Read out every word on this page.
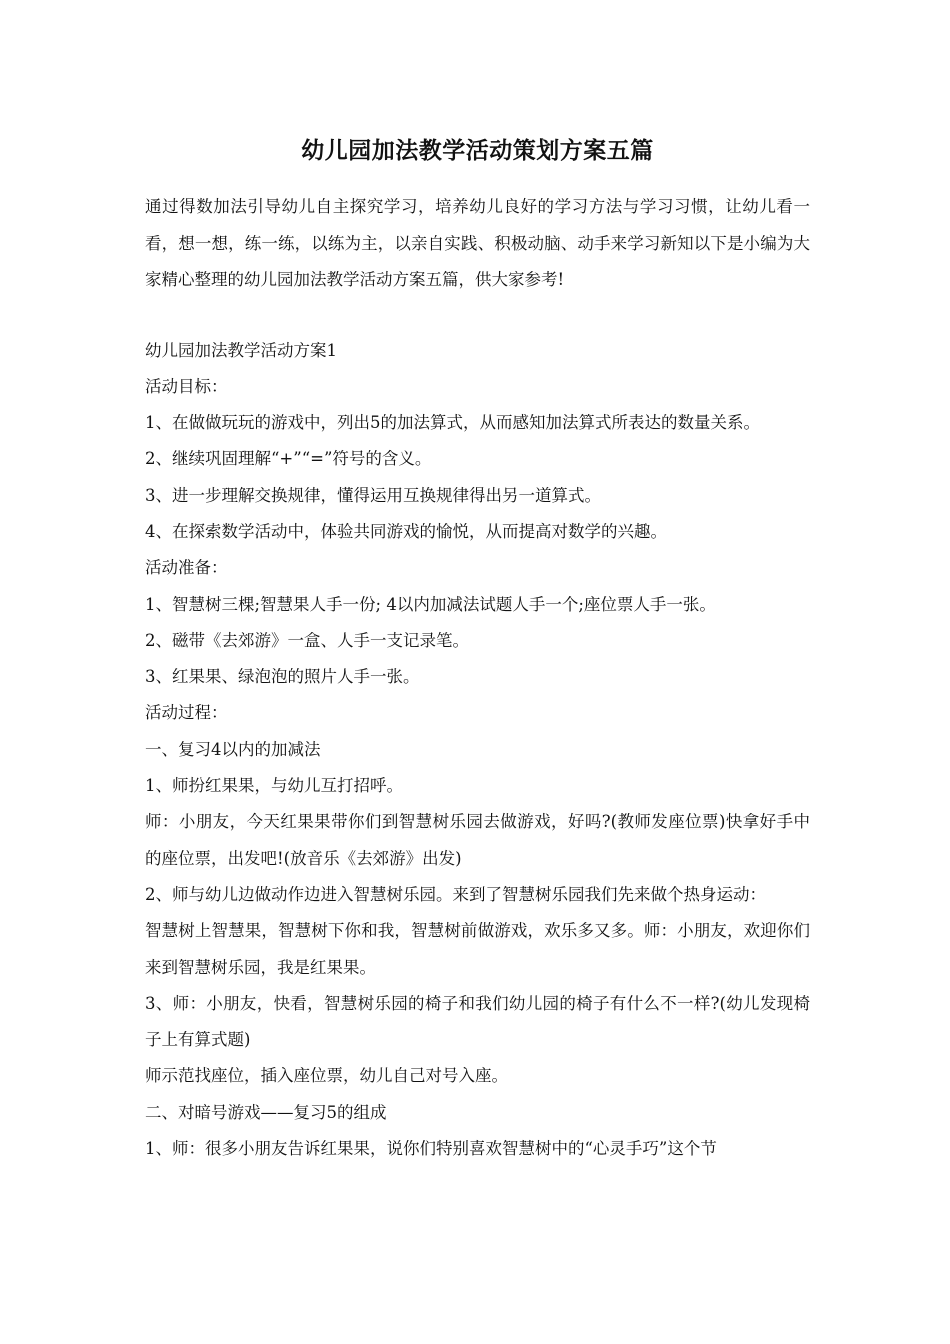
幼儿园加法教学活动策划方案五篇

通过得数加法引导幼儿自主探究学习，培养幼儿良好的学习方法与学习习惯，让幼儿看一看，想一想，练一练，以练为主，以亲自实践、积极动脑、动手来学习新知以下是小编为大家精心整理的幼儿园加法教学活动方案五篇，供大家参考!

幼儿园加法教学活动方案1

活动目标：

1、在做做玩玩的游戏中，列出5的加法算式，从而感知加法算式所表达的数量关系。

2、继续巩固理解“+”“=”符号的含义。

3、进一步理解交换规律，懂得运用互换规律得出另一道算式。

4、在探索数学活动中，体验共同游戏的愉悦，从而提高对数学的兴趣。

活动准备：

1、智慧树三棵;智慧果人手一份; 4以内加减法试题人手一个;座位票人手一张。

2、磁带《去郊游》一盒、人手一支记录笔。

3、红果果、绿泡泡的照片人手一张。

活动过程：

一、复习4以内的加减法

1、师扮红果果，与幼儿互打招呼。

师：小朋友，今天红果果带你们到智慧树乐园去做游戏，好吗?(教师发座位票)快拿好手中的座位票，出发吧!(放音乐《去郊游》出发)

2、师与幼儿边做动作边进入智慧树乐园。来到了智慧树乐园我们先来做个热身运动：

智慧树上智慧果，智慧树下你和我，智慧树前做游戏，欢乐多又多。师：小朋友，欢迎你们来到智慧树乐园，我是红果果。

3、师：小朋友，快看，智慧树乐园的椅子和我们幼儿园的椅子有什么不一样?(幼儿发现椅子上有算式题)

师示范找座位，插入座位票，幼儿自己对号入座。

二、对暗号游戏——复习5的组成

1、师：很多小朋友告诉红果果，说你们特别喜欢智慧树中的“心灵手巧”这个节
